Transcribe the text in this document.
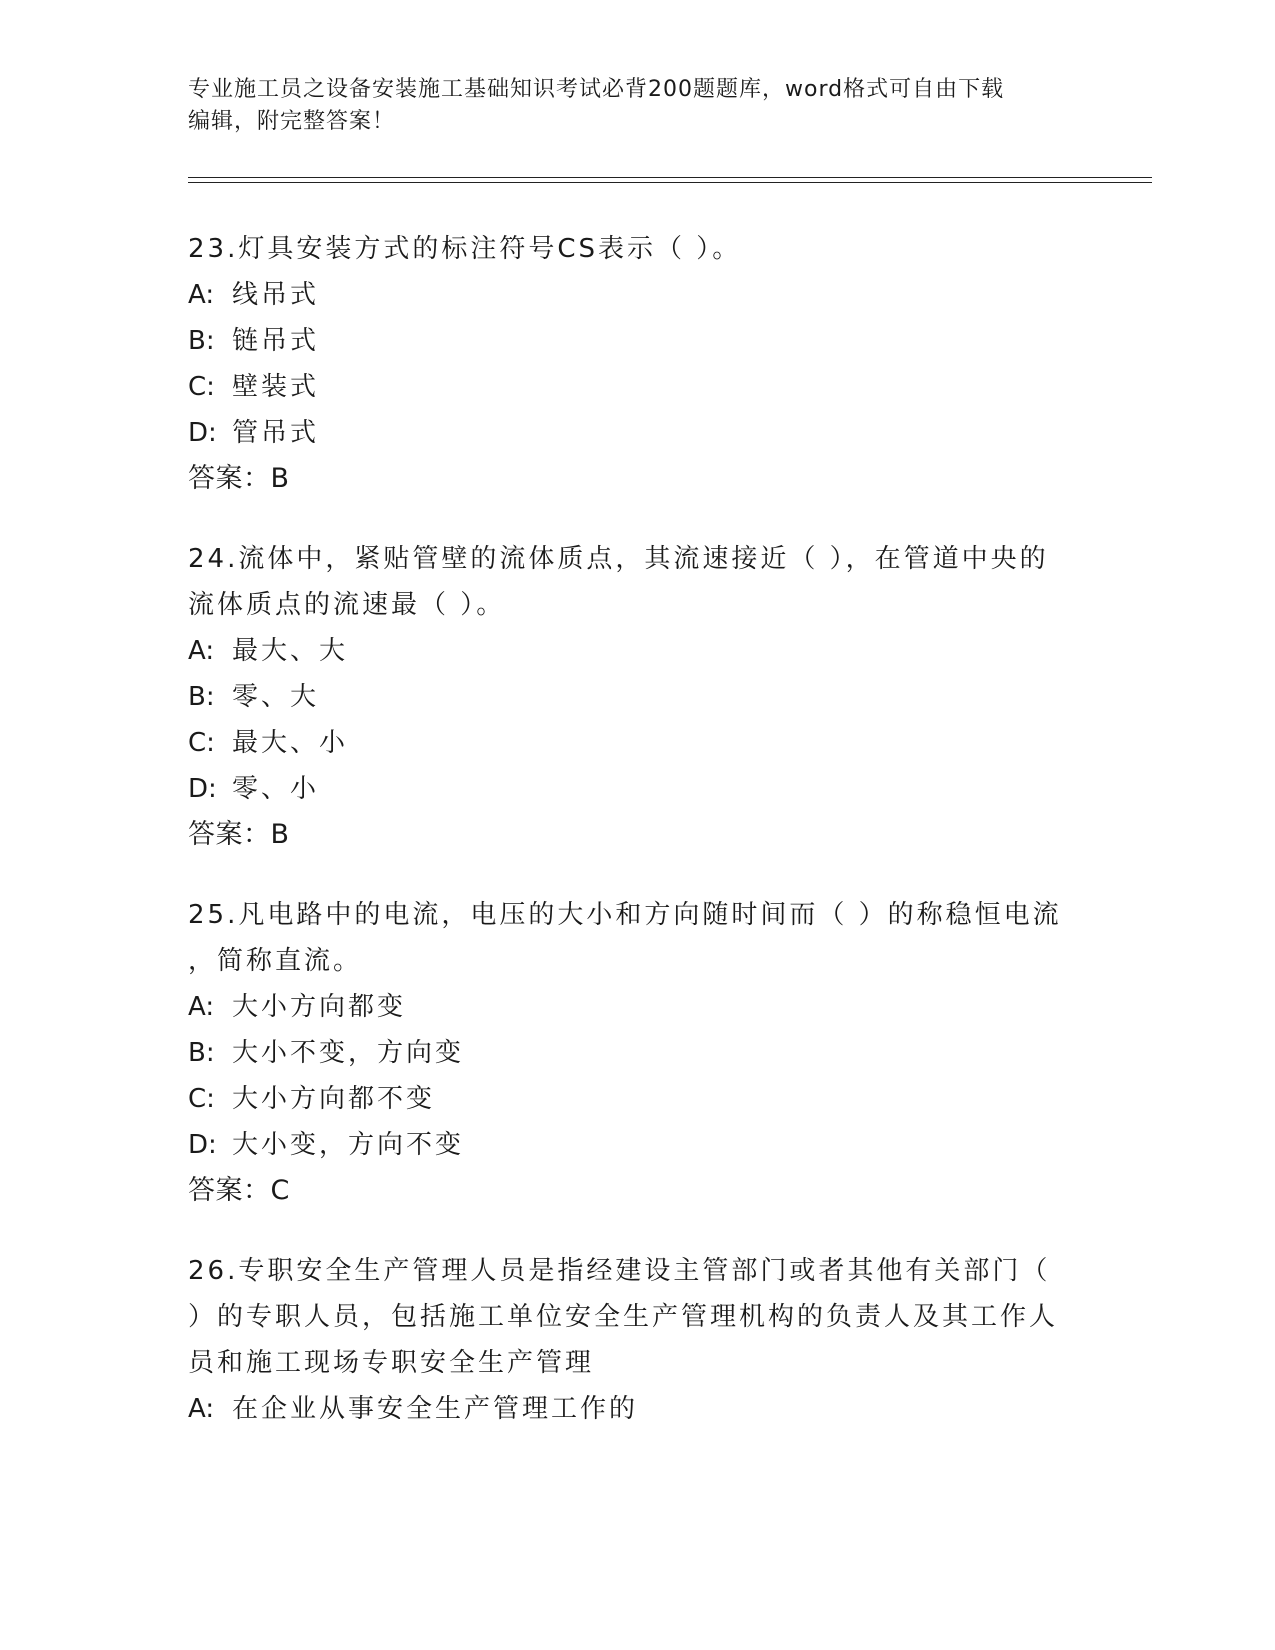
专业施工员之设备安装施工基础知识考试必背200题题库，word格式可自由下载
编辑，附完整答案！
23.灯具安装方式的标注符号CS表示（ ）。
A: 线吊式
B: 链吊式
C: 壁装式
D: 管吊式
答案：B
24.流体中，紧贴管壁的流体质点，其流速接近（ ），在管道中央的
流体质点的流速最（ ）。
A: 最大、大
B: 零、大
C: 最大、小
D: 零、小
答案：B
25.凡电路中的电流，电压的大小和方向随时间而（ ）的称稳恒电流
，简称直流。
A: 大小方向都变
B: 大小不变，方向变
C: 大小方向都不变
D: 大小变，方向不变
答案：C
26.专职安全生产管理人员是指经建设主管部门或者其他有关部门（
）的专职人员，包括施工单位安全生产管理机构的负责人及其工作人
员和施工现场专职安全生产管理
A: 在企业从事安全生产管理工作的
